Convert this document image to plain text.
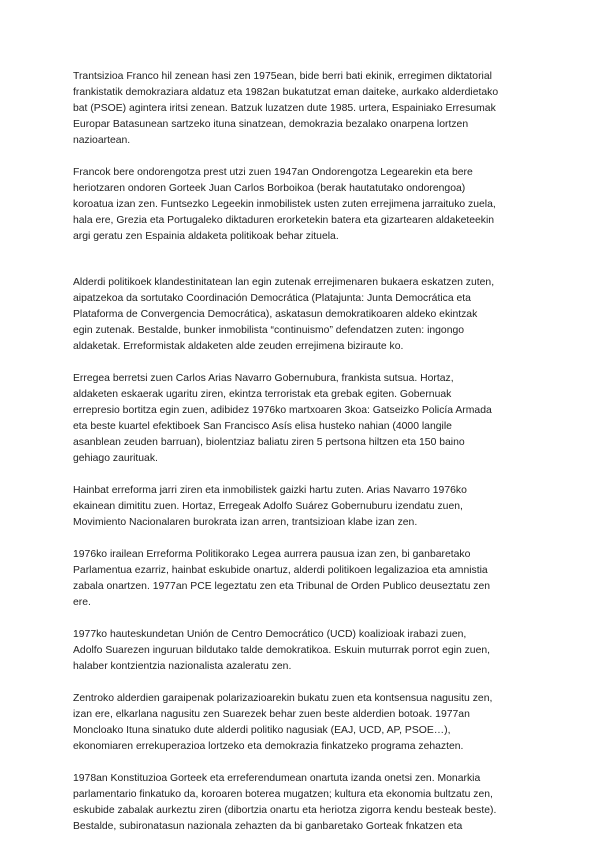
Trantsizioa Franco hil zenean hasi zen 1975ean, bide berri bati ekinik, erregimen diktatorial
frankistatik demokraziara aldatuz eta 1982an bukatutzat eman daiteke, aurkako alderdietako
bat (PSOE) agintera iritsi zenean. Batzuk luzatzen dute 1985. urtera, Espainiako Erresumak
Europar Batasunean sartzeko ituna sinatzean, demokrazia bezalako onarpena lortzen
nazioartean.

Francok bere ondorengotza prest utzi zuen 1947an Ondorengotza Legearekin eta bere
heriotzaren ondoren Gorteek Juan Carlos Borboikoa (berak hautatutako ondorengoa)
koroatua izan zen. Funtsezko Legeekin inmobilistek usten zuten errejimena jarraituko zuela,
hala ere, Grezia eta Portugaleko diktaduren erorketekin batera eta gizartearen aldaketeekin
argi geratu zen Espainia aldaketa politikoak behar zituela.

Alderdi politikoek klandestinitatean lan egin zutenak errejimenaren bukaera eskatzen zuten,
aipatzekoa da sortutako Coordinación Democrática (Platajunta: Junta Democrática eta
Plataforma de Convergencia Democrática), askatasun demokratikoaren aldeko ekintzak
egin zutenak. Bestalde, bunker inmobilista “continuismo” defendatzen zuten: ingongo
aldaketak. Erreformistak aldaketen alde zeuden errejimena biziraute ko.

Erregea berretsi zuen Carlos Arias Navarro Gobernubura, frankista sutsua. Hortaz,
aldaketen eskaerak ugaritu ziren, ekintza terroristak eta grebak egiten. Gobernuak
errepresio bortitza egin zuen, adibidez 1976ko martxoaren 3koa: Gatseizko Policía Armada
eta beste kuartel efektiboek San Francisco Asís elisa husteko nahian (4000 langile
asanblean zeuden barruan), biolentziaz baliatu ziren 5 pertsona hiltzen eta 150 baino
gehiago zaurituak.

Hainbat erreforma jarri ziren eta inmobilistek gaizki hartu zuten. Arias Navarro 1976ko
ekainean dimititu zuen. Hortaz, Erregeak Adolfo Suárez Gobernuburu izendatu zuen,
Movimiento Nacionalaren burokrata izan arren, trantsizioan klabe izan zen.

1976ko irailean Erreforma Politikorako Legea aurrera pausua izan zen, bi ganbaretako
Parlamentua ezarriz, hainbat eskubide onartuz, alderdi politikoen legalizazioa eta amnistia
zabala onartzen. 1977an PCE legeztatu zen eta Tribunal de Orden Publico deuseztatu zen
ere.

1977ko hauteskundetan Unión de Centro Democrático (UCD) koalizioak irabazi zuen,
Adolfo Suarezen inguruan bildutako talde demokratikoa. Eskuin muturrak porrot egin zuen,
halaber kontzientzia nazionalista azaleratu zen.

Zentroko alderdien garaipenak polarizazioarekin bukatu zuen eta kontsensua nagusitu zen,
izan ere, elkarlana nagusitu zen Suarezek behar zuen beste alderdien botoak. 1977an
Moncloako Ituna sinatuko dute alderdi politiko nagusiak (EAJ, UCD, AP, PSOE…),
ekonomiaren errekuperazioa lortzeko eta demokrazia finkatzeko programa zehazten.

1978an Konstituzioa Gorteek eta erreferendumean onartuta izanda onetsi zen. Monarkia
parlamentario finkatuko da, koroaren boterea mugatzen; kultura eta ekonomia bultzatu zen,
eskubide zabalak aurkeztu ziren (dibortzia onartu eta heriotza zigorra kendu besteak beste).
Bestalde, subironatasun nazionala zehazten da bi ganbaretako Gorteak fnkatzen eta
